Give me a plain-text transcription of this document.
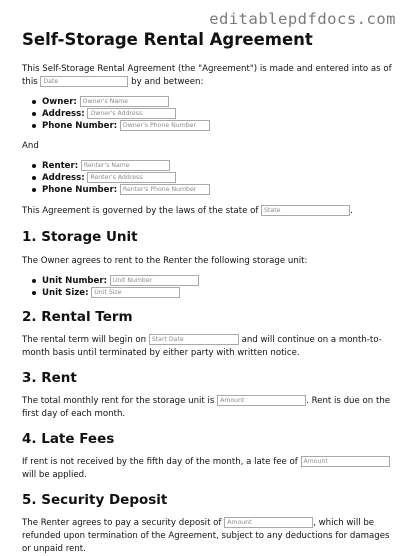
editablepdfdocs.com
Self-Storage Rental Agreement

This Self-Storage Rental Agreement (the "Agreement") is made and entered into as of this Date	by and between:

Owner: Owner's Name
Address: Owner's Address
Phone Number: Owner's Phone Number

And

Renter: Renter's Name
Address: Renter's Address
Phone Number: Renter's Phone Number

This Agreement is governed by the laws of the state of State	.

1. Storage Unit

The Owner agrees to rent to the Renter the following storage unit:

Unit Number: Unit Number
Unit Size: Unit Size
2. Rental Term

The rental term will begin on Start Date	and will continue on a month-to-month basis until terminated by either party with written notice.

3. Rent

The total monthly rent for the storage unit is Amount	. Rent is due on the first day of each month.

4. Late Fees

If rent is not received by the fifth day of the month, a late fee of Amount will be applied.

5. Security Deposit

The Renter agrees to pay a security deposit of Amount	, which will be refunded upon termination of the Agreement, subject to any deductions for damages or unpaid rent.
